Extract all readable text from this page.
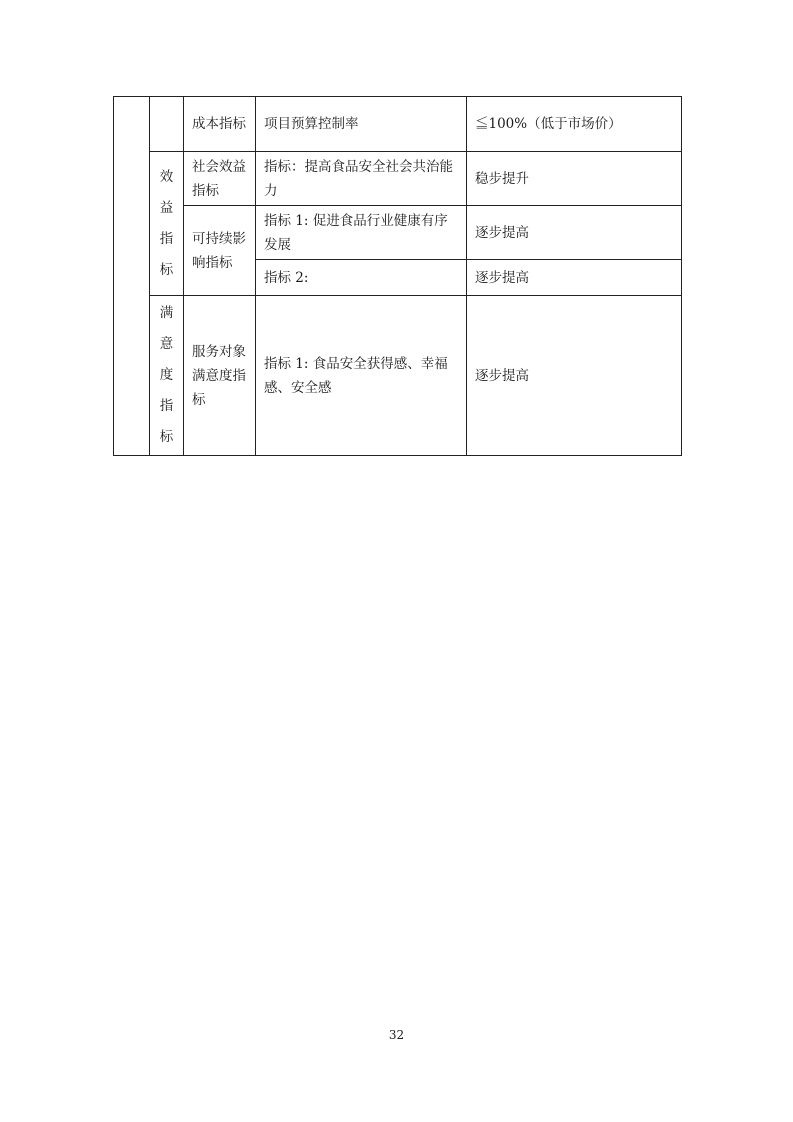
		成本指标	项目预算控制率	≦100%（低于市场价）
	效益指标	社会效益指标	指标：提高食品安全社会共治能力	稳步提升
		可持续影响指标	指标 1: 促进食品行业健康有序发展	逐步提高
			指标 2:	逐步提高
	满意度指标	服务对象满意度指标	指标 1: 食品安全获得感、幸福感、安全感	逐步提高
32
